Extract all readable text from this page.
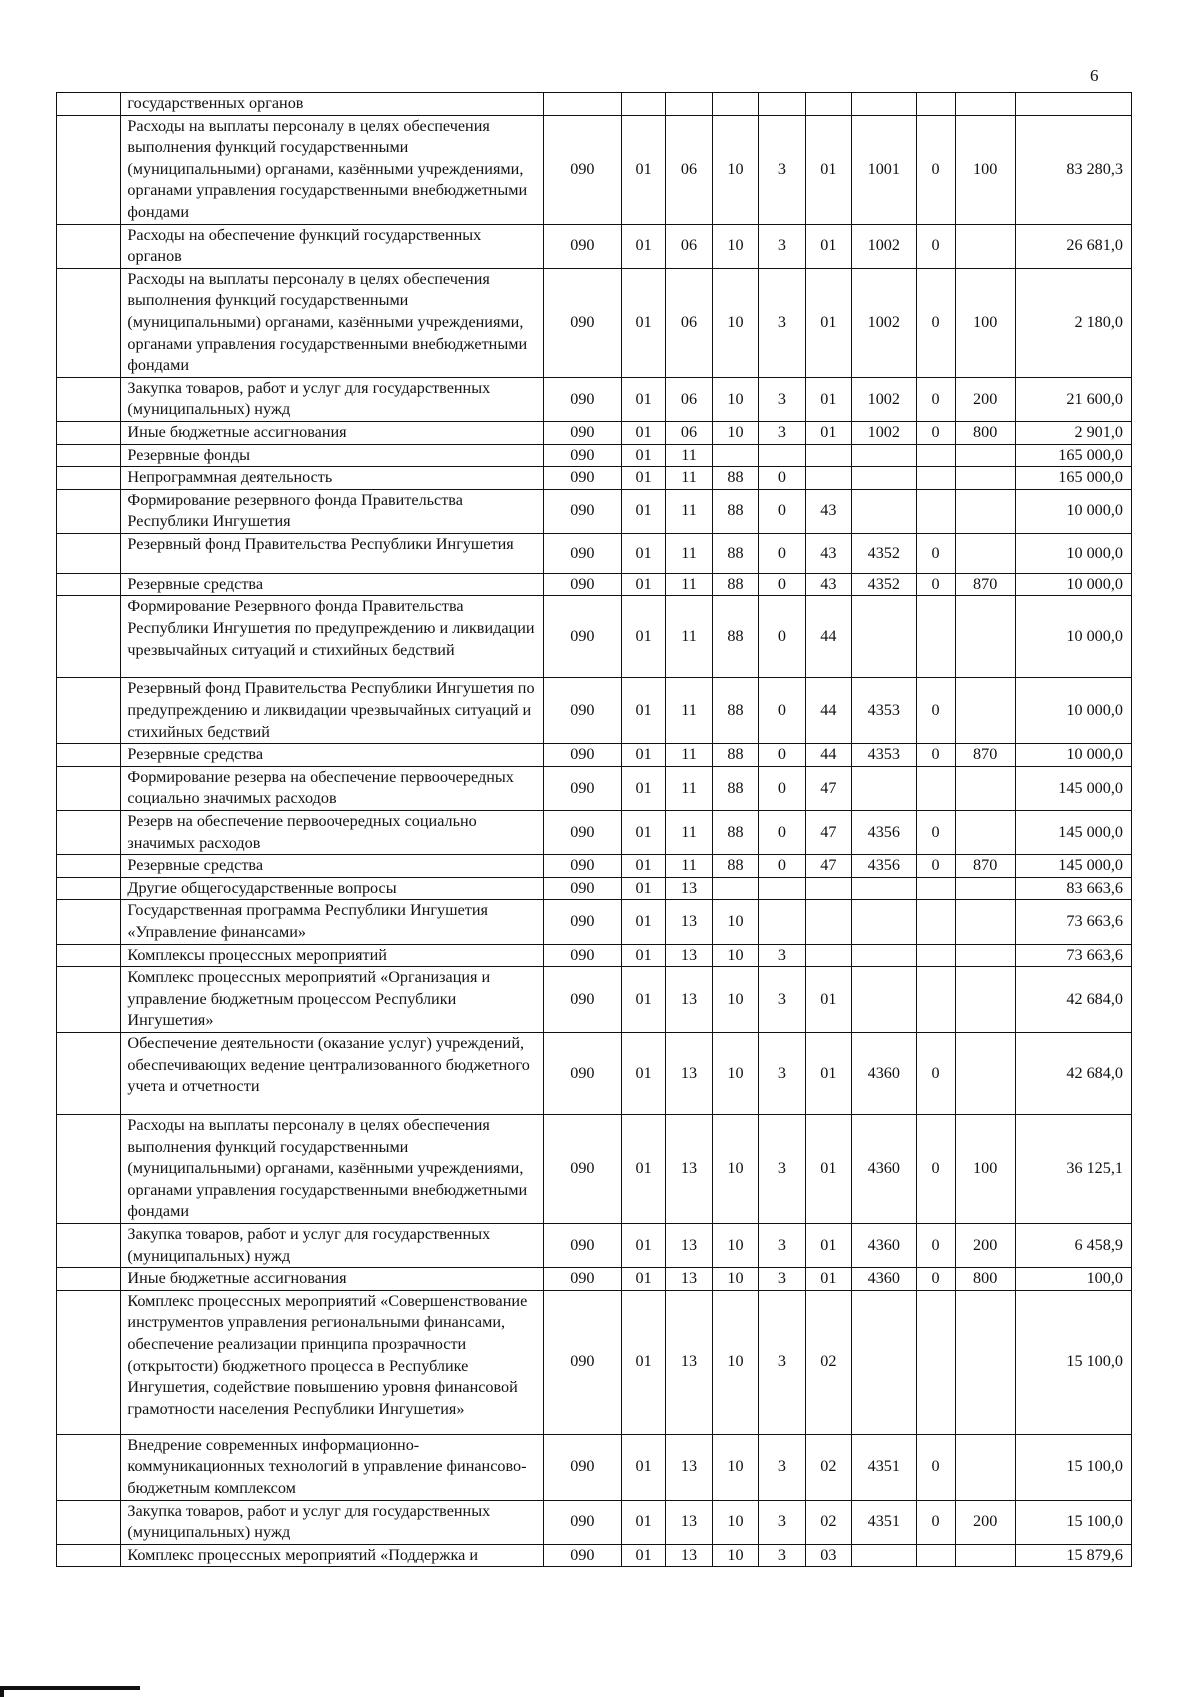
6
	государственных органов										
	Расходы на выплаты персоналу в целях обеспечения выполнения функций государственными (муниципальными) органами, казёнными учреждениями, органами управления государственными внебюджетными фондами	090	01	06	10	3	01	1001	0	100	83 280,3
	Расходы на обеспечение функций государственных органов	090	01	06	10	3	01	1002	0		26 681,0
	Расходы на выплаты персоналу в целях обеспечения выполнения функций государственными (муниципальными) органами, казёнными учреждениями, органами управления государственными внебюджетными фондами	090	01	06	10	3	01	1002	0	100	2 180,0
	Закупка товаров, работ и услуг для государственных (муниципальных) нужд	090	01	06	10	3	01	1002	0	200	21 600,0
	Иные бюджетные ассигнования	090	01	06	10	3	01	1002	0	800	2 901,0
	Резервные фонды	090	01	11							165 000,0
	Непрограммная деятельность	090	01	11	88	0					165 000,0
	Формирование резервного фонда Правительства Республики Ингушетия	090	01	11	88	0	43				10 000,0
	Резервный фонд Правительства Республики Ингушетия	090	01	11	88	0	43	4352	0		10 000,0
	Резервные средства	090	01	11	88	0	43	4352	0	870	10 000,0
	Формирование Резервного фонда Правительства Республики Ингушетия по предупреждению и ликвидации чрезвычайных ситуаций и стихийных бедствий	090	01	11	88	0	44				10 000,0
	Резервный фонд Правительства Республики Ингушетия по предупреждению и ликвидации чрезвычайных ситуаций и стихийных бедствий	090	01	11	88	0	44	4353	0		10 000,0
	Резервные средства	090	01	11	88	0	44	4353	0	870	10 000,0
	Формирование резерва на обеспечение первоочередных социально значимых расходов	090	01	11	88	0	47				145 000,0
	Резерв на обеспечение первоочередных социально значимых расходов	090	01	11	88	0	47	4356	0		145 000,0
	Резервные средства	090	01	11	88	0	47	4356	0	870	145 000,0
	Другие общегосударственные вопросы	090	01	13							83 663,6
	Государственная программа Республики Ингушетия «Управление финансами»	090	01	13	10						73 663,6
	Комплексы процессных мероприятий	090	01	13	10	3					73 663,6
	Комплекс процессных мероприятий «Организация и управление бюджетным процессом Республики Ингушетия»	090	01	13	10	3	01				42 684,0
	Обеспечение деятельности (оказание услуг) учреждений, обеспечивающих ведение централизованного бюджетного учета и отчетности	090	01	13	10	3	01	4360	0		42 684,0
	Расходы на выплаты персоналу в целях обеспечения выполнения функций государственными (муниципальными) органами, казёнными учреждениями, органами управления государственными внебюджетными фондами	090	01	13	10	3	01	4360	0	100	36 125,1
	Закупка товаров, работ и услуг для государственных (муниципальных) нужд	090	01	13	10	3	01	4360	0	200	6 458,9
	Иные бюджетные ассигнования	090	01	13	10	3	01	4360	0	800	100,0
	Комплекс процессных мероприятий «Совершенствование инструментов управления региональными финансами, обеспечение реализации принципа прозрачности (открытости) бюджетного процесса в Республике Ингушетия, содействие повышению уровня финансовой грамотности населения Республики Ингушетия»	090	01	13	10	3	02				15 100,0
	Внедрение современных информационно-коммуникационных технологий в управление финансово-бюджетным комплексом	090	01	13	10	3	02	4351	0		15 100,0
	Закупка товаров, работ и услуг для государственных (муниципальных) нужд	090	01	13	10	3	02	4351	0	200	15 100,0
	Комплекс процессных мероприятий «Поддержка и	090	01	13	10	3	03				15 879,6
